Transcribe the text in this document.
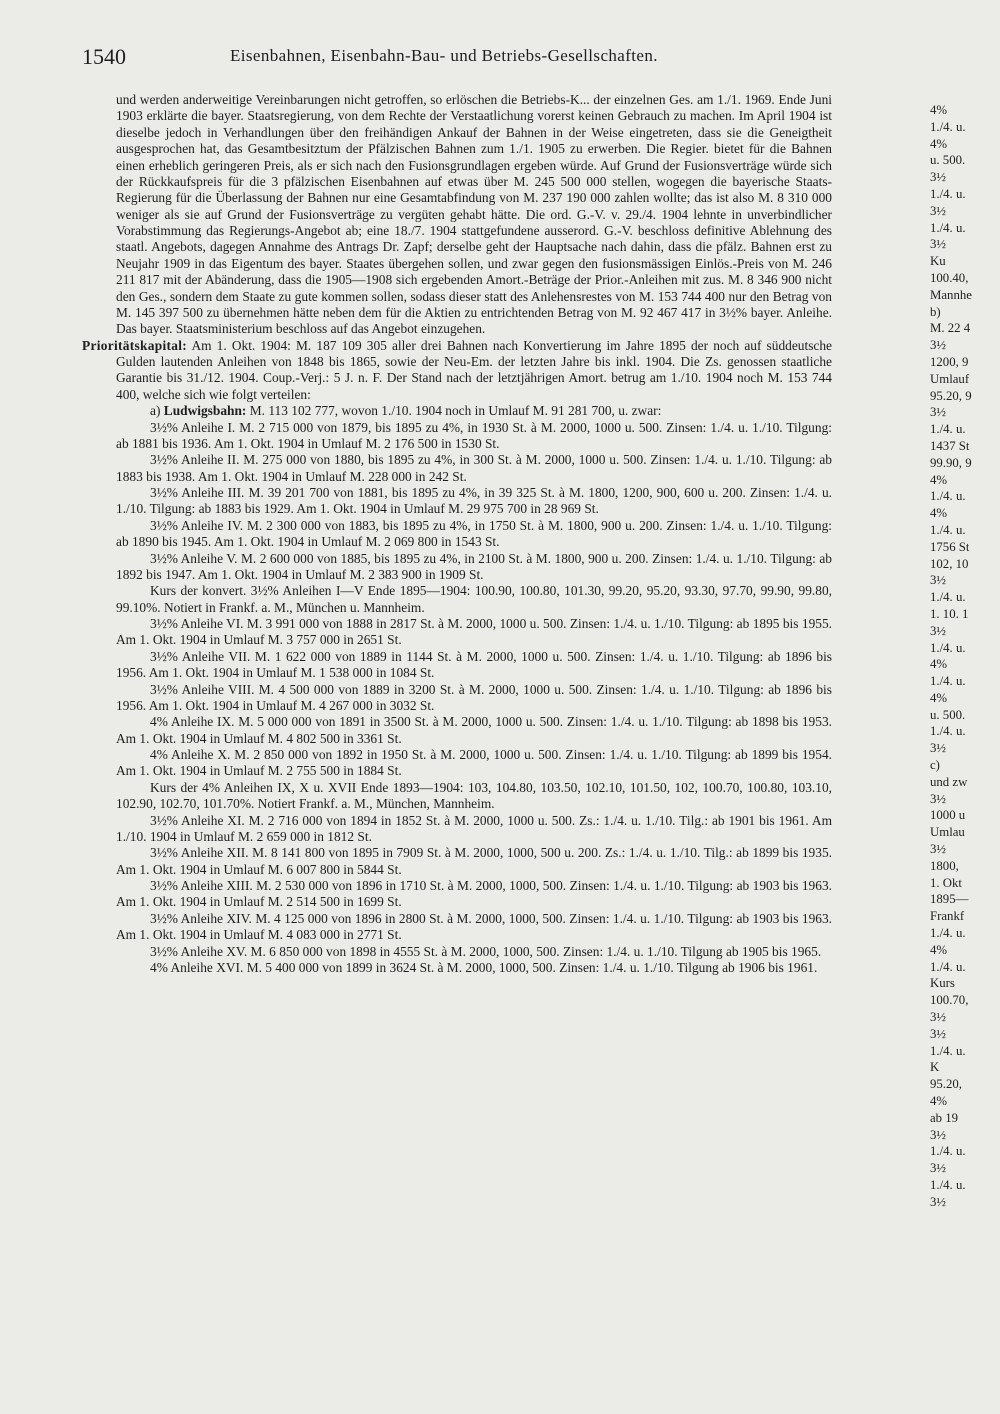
1540	Eisenbahnen, Eisenbahn-Bau- und Betriebs-Gesellschaften.

und werden anderweitige Vereinbarungen nicht getroffen, so erlöschen die Betriebs-K... der einzelnen Ges. am 1./1. 1969. Ende Juni 1903 erklärte die bayer. Staatsregierung, von dem Rechte der Verstaatlichung vorerst keinen Gebrauch zu machen. Im April 1904 ist dieselbe jedoch in Verhandlungen über den freihändigen Ankauf der Bahnen in der Weise eingetreten, dass sie die Geneigtheit ausgesprochen hat, das Gesamtbesitztum der Pfälzischen Bahnen zum 1./1. 1905 zu erwerben. Die Regier. bietet für die Bahnen einen erheblich geringeren Preis, als er sich nach den Fusionsgrundlagen ergeben würde. Auf Grund der Fusionsverträge würde sich der Rückkaufspreis für die 3 pfälzischen Eisenbahnen auf etwas über M. 245 500 000 stellen, wogegen die bayerische Staats-Regierung für die Überlassung der Bahnen nur eine Gesamtabfindung von M. 237 190 000 zahlen wollte; das ist also M. 8 310 000 weniger als sie auf Grund der Fusionsverträge zu vergüten gehabt hätte. Die ord. G.-V. v. 29./4. 1904 lehnte in unverbindlicher Vorabstimmung das Regierungs-Angebot ab; eine 18./7. 1904 stattgefundene ausserord. G.-V. beschloss definitive Ablehnung des staatl. Angebots, dagegen Annahme des Antrags Dr. Zapf; derselbe geht der Hauptsache nach dahin, dass die pfälz. Bahnen erst zu Neujahr 1909 in das Eigentum des bayer. Staates übergehen sollen, und zwar gegen den fusionsmässigen Einlös.-Preis von M. 246 211 817 mit der Abänderung, dass die 1905—1908 sich ergebenden Amort.-Beträge der Prior.-Anleihen mit zus. M. 8 346 900 nicht den Ges., sondern dem Staate zu gute kommen sollen, sodass dieser statt des Anlehensrestes von M. 153 744 400 nur den Betrag von M. 145 397 500 zu übernehmen hätte neben dem für die Aktien zu entrichtenden Betrag von M. 92 467 417 in 3½% bayer. Anleihe. Das bayer. Staatsministerium beschloss auf das Angebot einzugehen.

Prioritätskapital: Am 1. Okt. 1904: M. 187 109 305 aller drei Bahnen nach Konvertierung im Jahre 1895 der noch auf süddeutsche Gulden lautenden Anleihen von 1848 bis 1865, sowie der Neu-Em. der letzten Jahre bis inkl. 1904. Die Zs. genossen staatliche Garantie bis 31./12. 1904. Coup.-Verj.: 5 J. n. F. Der Stand nach der letztjährigen Amort. betrug am 1./10. 1904 noch M. 153 744 400, welche sich wie folgt verteilen:

a) Ludwigsbahn: M. 113 102 777, wovon 1./10. 1904 noch in Umlauf M. 91 281 700, u. zwar:

3½% Anleihe I. M. 2 715 000 von 1879, bis 1895 zu 4%, in 1930 St. à M. 2000, 1000 u. 500. Zinsen: 1./4. u. 1./10. Tilgung: ab 1881 bis 1936. Am 1. Okt. 1904 in Umlauf M. 2 176 500 in 1530 St.

3½% Anleihe II. M. 275 000 von 1880, bis 1895 zu 4%, in 300 St. à M. 2000, 1000 u. 500. Zinsen: 1./4. u. 1./10. Tilgung: ab 1883 bis 1938. Am 1. Okt. 1904 in Umlauf M. 228 000 in 242 St.

3½% Anleihe III. M. 39 201 700 von 1881, bis 1895 zu 4%, in 39 325 St. à M. 1800, 1200, 900, 600 u. 200. Zinsen: 1./4. u. 1./10. Tilgung: ab 1883 bis 1929. Am 1. Okt. 1904 in Umlauf M. 29 975 700 in 28 969 St.

3½% Anleihe IV. M. 2 300 000 von 1883, bis 1895 zu 4%, in 1750 St. à M. 1800, 900 u. 200. Zinsen: 1./4. u. 1./10. Tilgung: ab 1890 bis 1945. Am 1. Okt. 1904 in Umlauf M. 2 069 800 in 1543 St.

3½% Anleihe V. M. 2 600 000 von 1885, bis 1895 zu 4%, in 2100 St. à M. 1800, 900 u. 200. Zinsen: 1./4. u. 1./10. Tilgung: ab 1892 bis 1947. Am 1. Okt. 1904 in Umlauf M. 2 383 900 in 1909 St.

Kurs der konvert. 3½% Anleihen I—V Ende 1895—1904: 100.90, 100.80, 101.30, 99.20, 95.20, 93.30, 97.70, 99.90, 99.80, 99.10%. Notiert in Frankf. a. M., München u. Mannheim.

3½% Anleihe VI. M. 3 991 000 von 1888 in 2817 St. à M. 2000, 1000 u. 500. Zinsen: 1./4. u. 1./10. Tilgung: ab 1895 bis 1955. Am 1. Okt. 1904 in Umlauf M. 3 757 000 in 2651 St.

3½% Anleihe VII. M. 1 622 000 von 1889 in 1144 St. à M. 2000, 1000 u. 500. Zinsen: 1./4. u. 1./10. Tilgung: ab 1896 bis 1956. Am 1. Okt. 1904 in Umlauf M. 1 538 000 in 1084 St.

3½% Anleihe VIII. M. 4 500 000 von 1889 in 3200 St. à M. 2000, 1000 u. 500. Zinsen: 1./4. u. 1./10. Tilgung: ab 1896 bis 1956. Am 1. Okt. 1904 in Umlauf M. 4 267 000 in 3032 St.

4% Anleihe IX. M. 5 000 000 von 1891 in 3500 St. à M. 2000, 1000 u. 500. Zinsen: 1./4. u. 1./10. Tilgung: ab 1898 bis 1953. Am 1. Okt. 1904 in Umlauf M. 4 802 500 in 3361 St.

4% Anleihe X. M. 2 850 000 von 1892 in 1950 St. à M. 2000, 1000 u. 500. Zinsen: 1./4. u. 1./10. Tilgung: ab 1899 bis 1954. Am 1. Okt. 1904 in Umlauf M. 2 755 500 in 1884 St.

Kurs der 4% Anleihen IX, X u. XVII Ende 1893—1904: 103, 104.80, 103.50, 102.10, 101.50, 102, 100.70, 100.80, 103.10, 102.90, 102.70, 101.70%. Notiert Frankf. a. M., München, Mannheim.

3½% Anleihe XI. M. 2 716 000 von 1894 in 1852 St. à M. 2000, 1000 u. 500. Zs.: 1./4. u. 1./10. Tilg.: ab 1901 bis 1961. Am 1./10. 1904 in Umlauf M. 2 659 000 in 1812 St.

3½% Anleihe XII. M. 8 141 800 von 1895 in 7909 St. à M. 2000, 1000, 500 u. 200. Zs.: 1./4. u. 1./10. Tilg.: ab 1899 bis 1935. Am 1. Okt. 1904 in Umlauf M. 6 007 800 in 5844 St.

3½% Anleihe XIII. M. 2 530 000 von 1896 in 1710 St. à M. 2000, 1000, 500. Zinsen: 1./4. u. 1./10. Tilgung: ab 1903 bis 1963. Am 1. Okt. 1904 in Umlauf M. 2 514 500 in 1699 St.

3½% Anleihe XIV. M. 4 125 000 von 1896 in 2800 St. à M. 2000, 1000, 500. Zinsen: 1./4. u. 1./10. Tilgung: ab 1903 bis 1963. Am 1. Okt. 1904 in Umlauf M. 4 083 000 in 2771 St.

3½% Anleihe XV. M. 6 850 000 von 1898 in 4555 St. à M. 2000, 1000, 500. Zinsen: 1./4. u. 1./10. Tilgung ab 1905 bis 1965.

4% Anleihe XVI. M. 5 400 000 von 1899 in 3624 St. à M. 2000, 1000, 500. Zinsen: 1./4. u. 1./10. Tilgung ab 1906 bis 1961.

4%
1./4. u.
4%
u. 500.
3½
1./4. u.
3½
1./4. u.
3½
Ku
100.40,
Mannhe
b)
M. 22 4
3½
1200, 9
Umlauf
95.20, 9
3½
1./4. u.
1437 St
99.90, 9
4%
1./4. u.
4%
1./4. u.
1756 St
102, 10
3½
1./4. u.
1. 10. 1
3½
1./4. u.
4%
1./4. u.
4%
u. 500.
1./4. u.
3½
c)
und zw
3½
1000 u
Umlau
3½
1800,
1. Okt
1895—
Frankf
1./4. u.
4%
1./4. u.
Kurs
100.70,
3½
3½
1./4. u.
K
95.20,
4%
ab 19
3½
1./4. u.
3½
1./4. u.
3½
